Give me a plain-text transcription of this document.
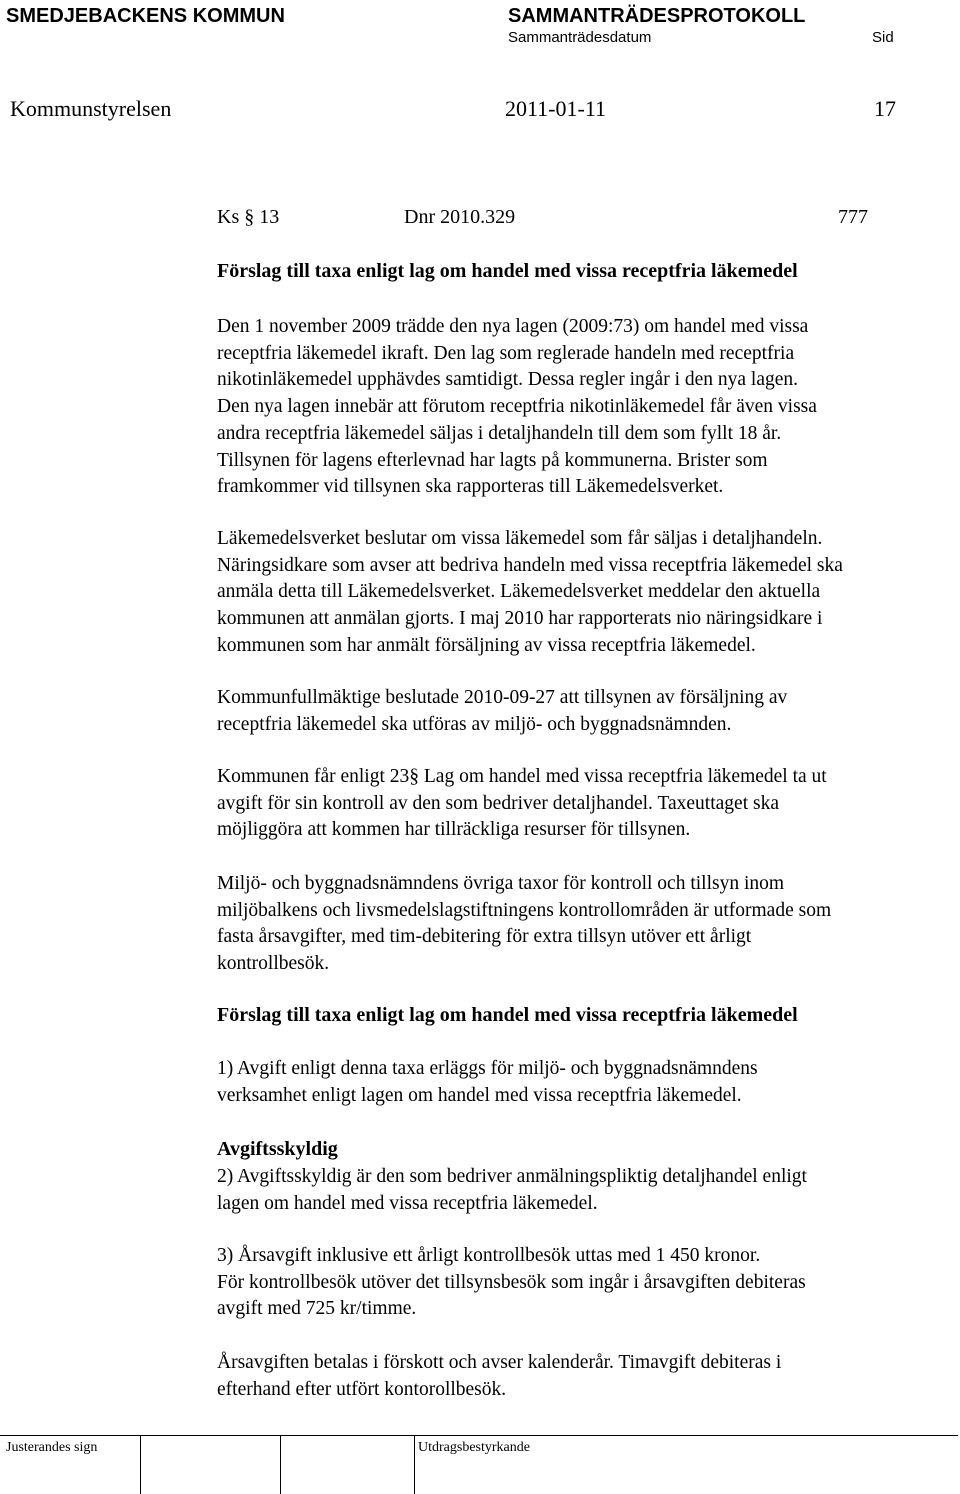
SMEDJEBACKENS KOMMUN	SAMMANTRÄDESPROTOKOLL
Sammanträdesdatum	Sid
Kommunstyrelsen	2011-01-11	17
Ks § 13	Dnr 2010.329	777
Förslag till taxa enligt lag om handel med vissa receptfria läkemedel
Den 1 november 2009 trädde den nya lagen (2009:73) om handel med vissa
receptfria läkemedel ikraft. Den lag som reglerade handeln med receptfria
nikotinläkemedel upphävdes samtidigt. Dessa regler ingår i den nya lagen.
Den nya lagen innebär att förutom receptfria nikotinläkemedel får även vissa
andra receptfria läkemedel säljas i detaljhandeln till dem som fyllt 18 år.
Tillsynen för lagens efterlevnad har lagts på kommunerna. Brister som
framkommer vid tillsynen ska rapporteras till Läkemedelsverket.
Läkemedelsverket beslutar om vissa läkemedel som får säljas i detaljhandeln.
Näringsidkare som avser att bedriva handeln med vissa receptfria läkemedel ska
anmäla detta till Läkemedelsverket. Läkemedelsverket meddelar den aktuella
kommunen att anmälan gjorts. I maj 2010 har rapporterats nio näringsidkare i
kommunen som har anmält försäljning av vissa receptfria läkemedel.
Kommunfullmäktige beslutade 2010-09-27 att tillsynen av försäljning av
receptfria läkemedel ska utföras av miljö- och byggnadsnämnden.
Kommunen får enligt 23§ Lag om handel med vissa receptfria läkemedel ta ut
avgift för sin kontroll av den som bedriver detaljhandel. Taxeuttaget ska
möjliggöra att kommen har tillräckliga resurser för tillsynen.
Miljö- och byggnadsnämndens övriga taxor för kontroll och tillsyn inom
miljöbalkens och livsmedelslagstiftningens kontrollområden är utformade som
fasta årsavgifter, med tim-debitering för extra tillsyn utöver ett årligt
kontrollbesök.
Förslag till taxa enligt lag om handel med vissa receptfria läkemedel
1) Avgift enligt denna taxa erläggs för miljö- och byggnadsnämndens
verksamhet enligt lagen om handel med vissa receptfria läkemedel.
Avgiftsskyldig
2) Avgiftsskyldig är den som bedriver anmälningspliktig detaljhandel enligt
lagen om handel med vissa receptfria läkemedel.
3) Årsavgift inklusive ett årligt kontrollbesök uttas med 1 450 kronor.
För kontrollbesök utöver det tillsynsbesök som ingår i årsavgiften debiteras
avgift med 725 kr/timme.
Årsavgiften betalas i förskott och avser kalenderår. Timavgift debiteras i
efterhand efter utfört kontorollbesök.
Justerandes sign	Utdragsbestyrkande
